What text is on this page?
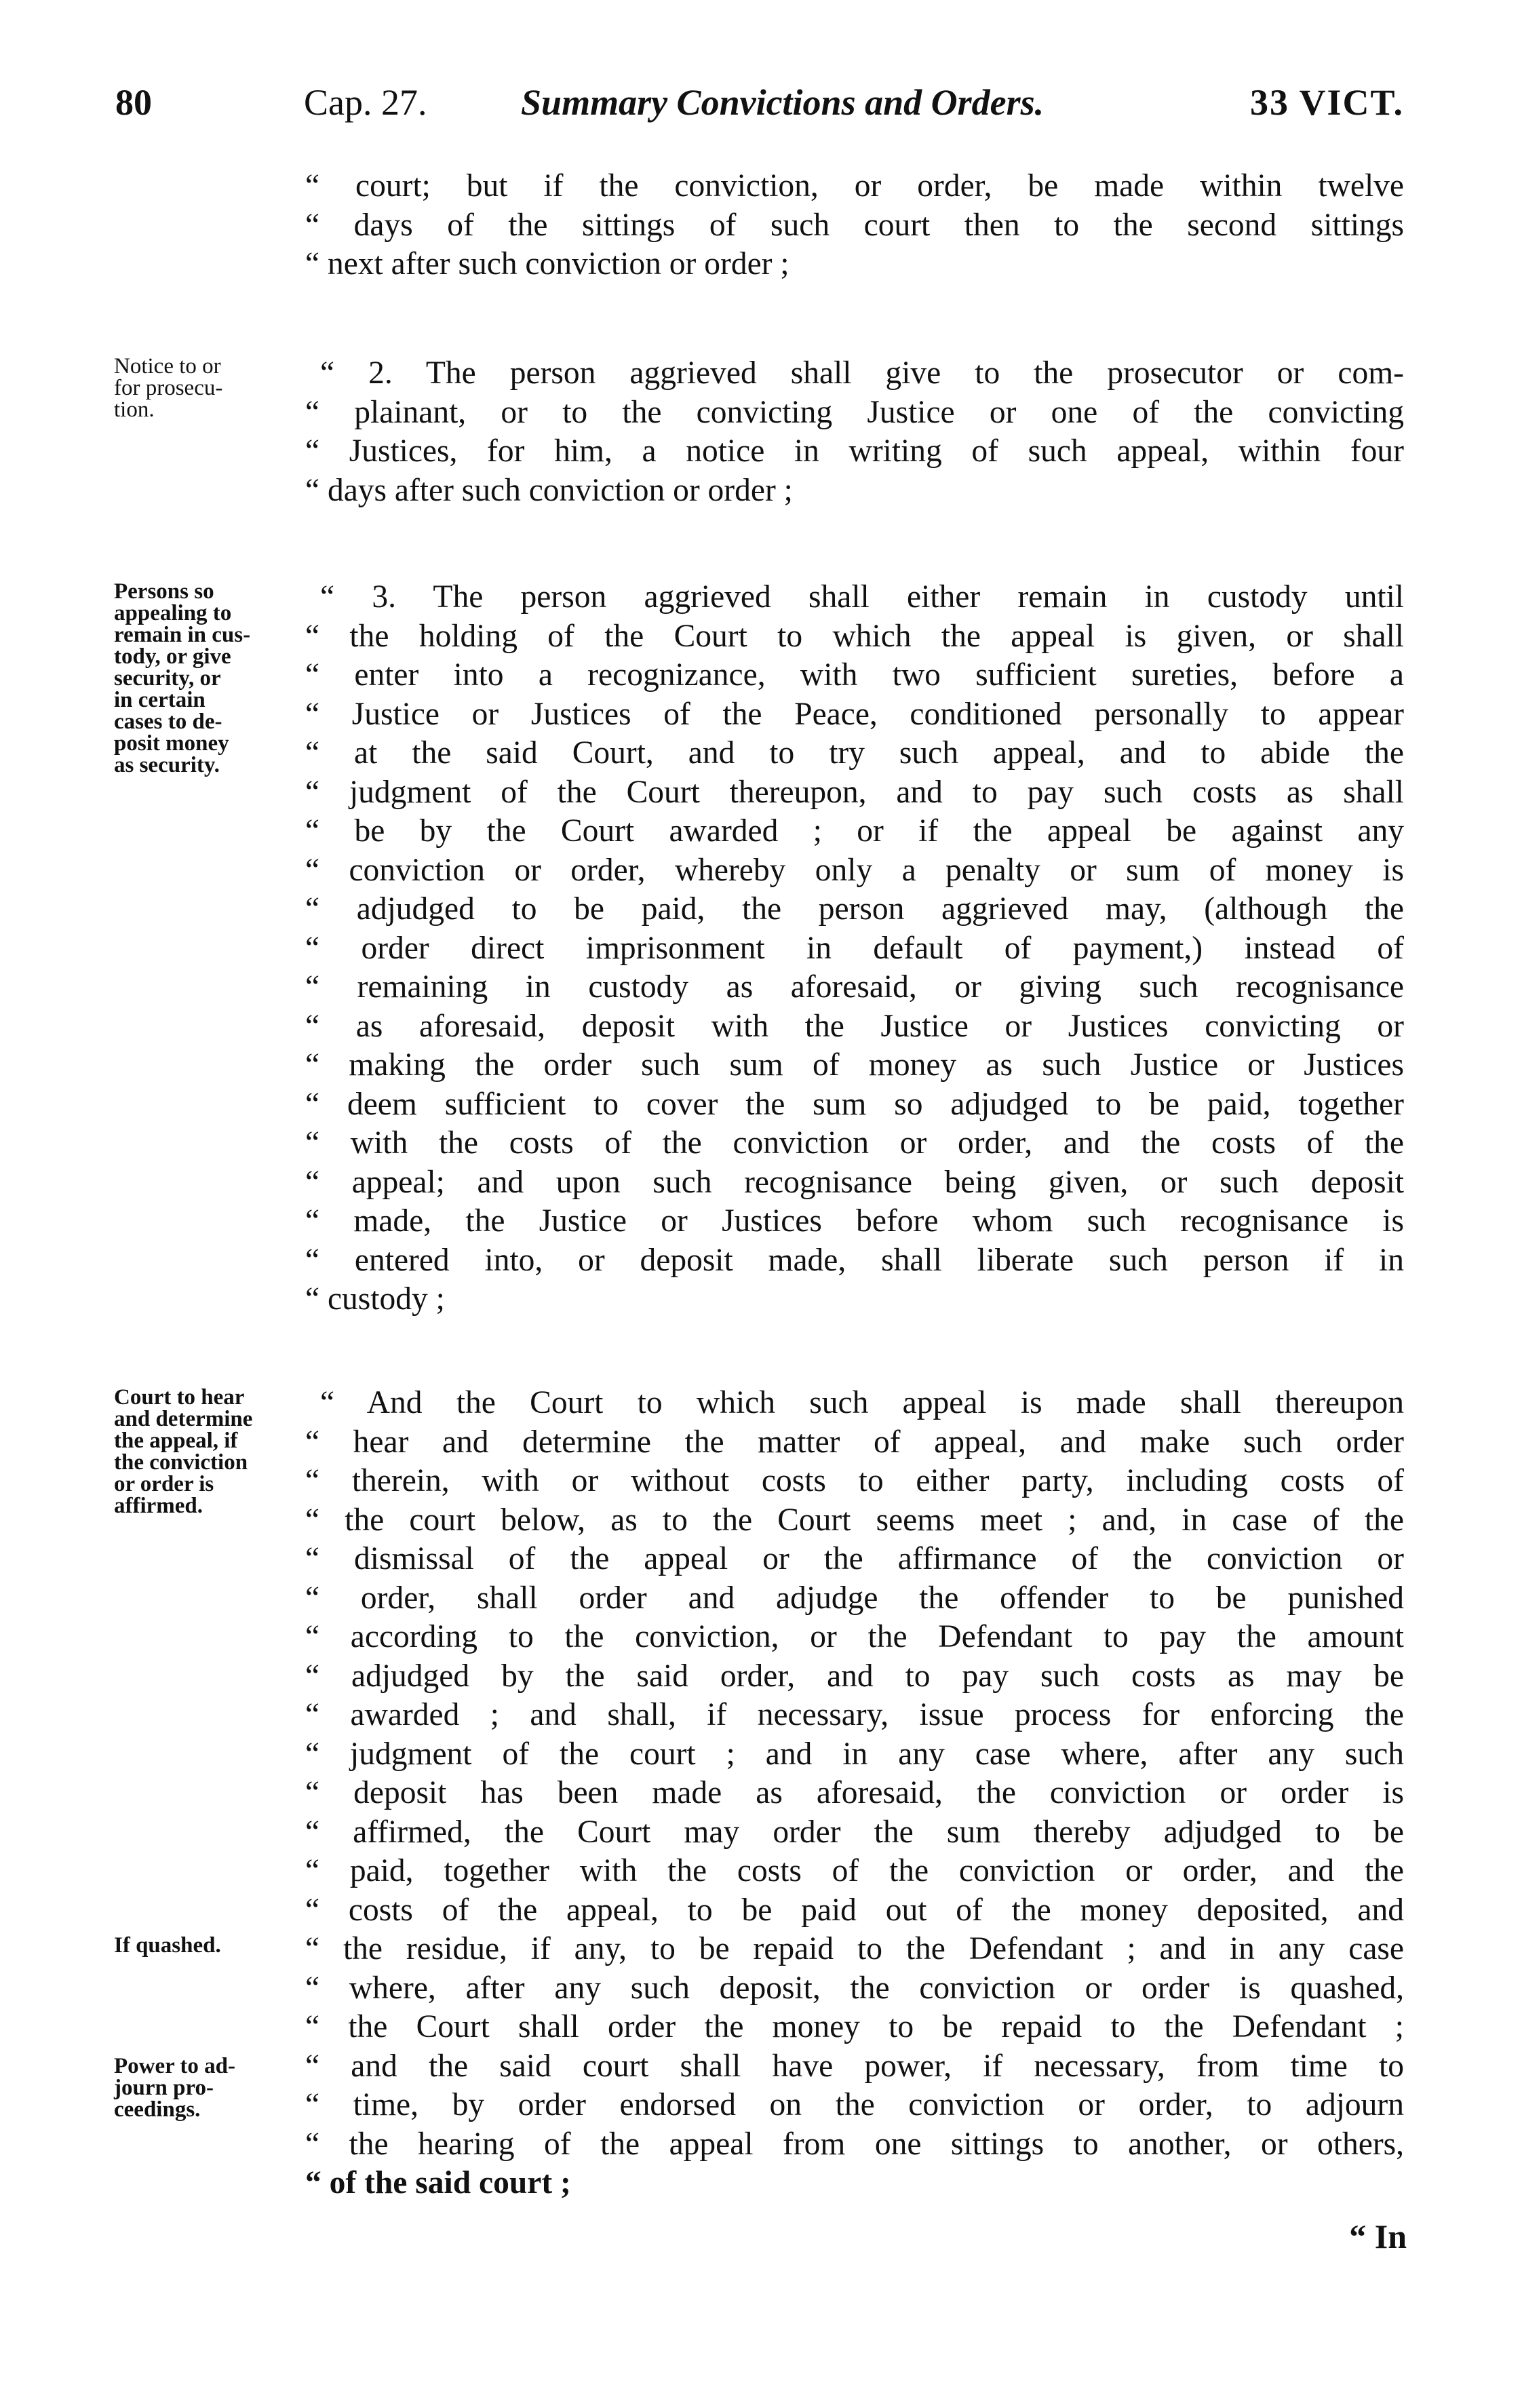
80	Cap. 27.	Summary Convictions and Orders.	33 VICT.
“ court; but if the conviction, or order, be made within twelve
“ days of the sittings of such court then to the second sittings
“ next after such conviction or order ;
“ 2. The person aggrieved shall give to the prosecutor or com-
“ plainant, or to the convicting Justice or one of the convicting
“ Justices, for him, a notice in writing of such appeal, within four
“ days after such conviction or order ;
“ 3. The person aggrieved shall either remain in custody until
“ the holding of the Court to which the appeal is given, or shall
“ enter into a recognizance, with two sufficient sureties, before a
“ Justice or Justices of the Peace, conditioned personally to appear
“ at the said Court, and to try such appeal, and to abide the
“ judgment of the Court thereupon, and to pay such costs as shall
“ be by the Court awarded ; or if the appeal be against any
“ conviction or order, whereby only a penalty or sum of money is
“ adjudged to be paid, the person aggrieved may, (although the
“ order direct imprisonment in default of payment,) instead of
“ remaining in custody as aforesaid, or giving such recognisance
“ as aforesaid, deposit with the Justice or Justices convicting or
“ making the order such sum of money as such Justice or Justices
“ deem sufficient to cover the sum so adjudged to be paid, together
“ with the costs of the conviction or order, and the costs of the
“ appeal; and upon such recognisance being given, or such deposit
“ made, the Justice or Justices before whom such recognisance is
“ entered into, or deposit made, shall liberate such person if in
“ custody ;
“ And the Court to which such appeal is made shall thereupon
“ hear and determine the matter of appeal, and make such order
“ therein, with or without costs to either party, including costs of
“ the court below, as to the Court seems meet ; and, in case of the
“ dismissal of the appeal or the affirmance of the conviction or
“ order, shall order and adjudge the offender to be punished
“ according to the conviction, or the Defendant to pay the amount
“ adjudged by the said order, and to pay such costs as may be
“ awarded ; and shall, if necessary, issue process for enforcing the
“ judgment of the court ; and in any case where, after any such
“ deposit has been made as aforesaid, the conviction or order is
“ affirmed, the Court may order the sum thereby adjudged to be
“ paid, together with the costs of the conviction or order, and the
“ costs of the appeal, to be paid out of the money deposited, and
“ the residue, if any, to be repaid to the Defendant ; and in any case
“ where, after any such deposit, the conviction or order is quashed,
“ the Court shall order the money to be repaid to the Defendant ;
“ and the said court shall have power, if necessary, from time to
“ time, by order endorsed on the conviction or order, to adjourn
“ the hearing of the appeal from one sittings to another, or others,
“ of the said court ;
Notice to or
for prosecu-
tion.
Persons so
appealing to
remain in cus-
tody, or give
security, or
in certain
cases to de-
posit money
as security.
Court to hear
and determine
the appeal, if
the conviction
or order is
affirmed.
If quashed.
Power to ad-
journ pro-
ceedings.
“ In
